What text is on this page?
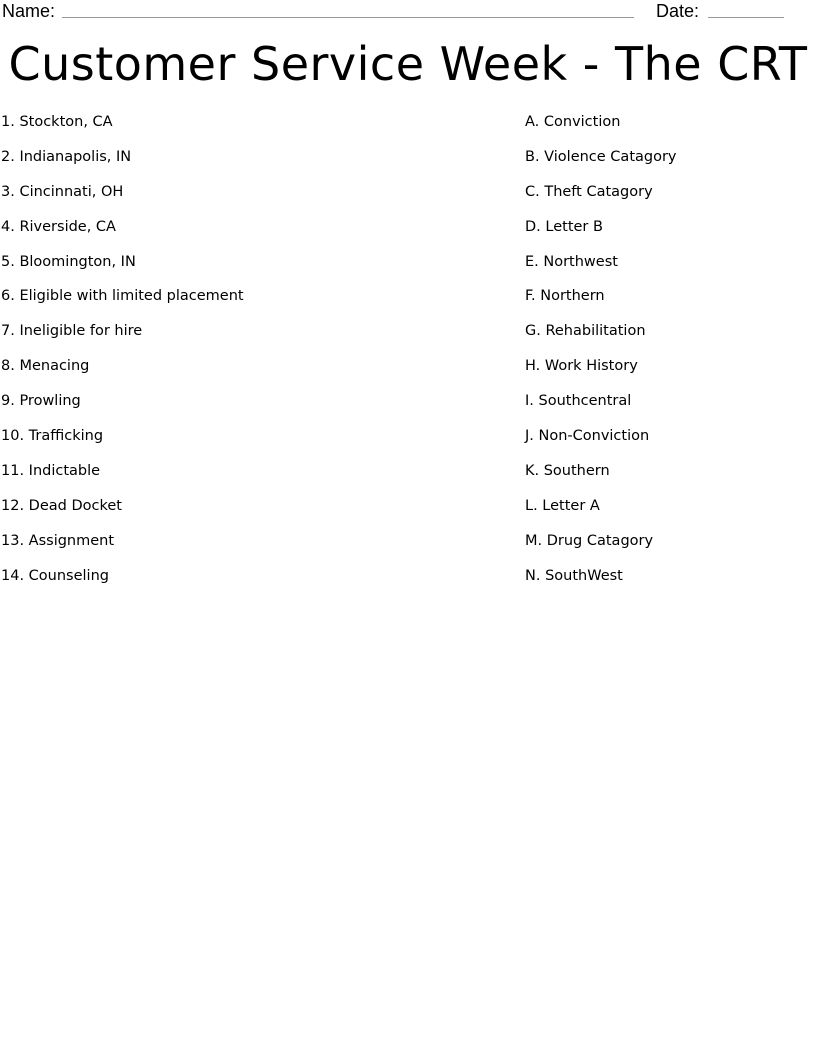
Name:	Date:
Customer Service Week - The CRT
1. Stockton, CA
2. Indianapolis, IN
3. Cincinnati, OH
4. Riverside, CA
5. Bloomington, IN
6. Eligible with limited placement
7. Ineligible for hire
8. Menacing
9. Prowling
10. Trafficking
11. Indictable
12. Dead Docket
13. Assignment
14. Counseling
A. Conviction
B. Violence Catagory
C. Theft Catagory
D. Letter B
E. Northwest
F. Northern
G. Rehabilitation
H. Work History
I. Southcentral
J. Non-Conviction
K. Southern
L. Letter A
M. Drug Catagory
N. SouthWest
